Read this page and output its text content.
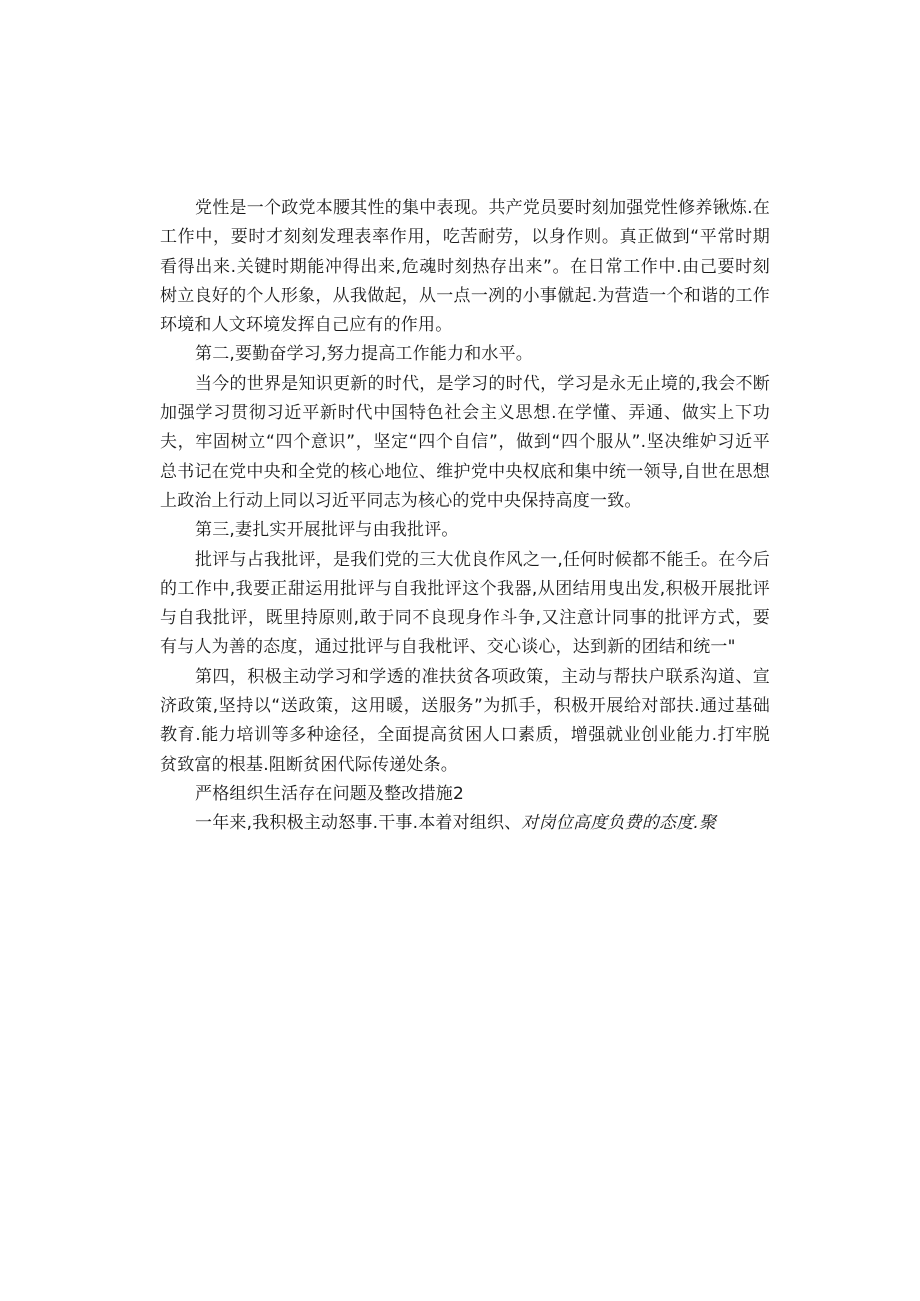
党性是一个政党本腰其性的集中表现。共产党员要时刻加强党性修养锹炼.在工作中，要时才刻刻发理表率作用，吃苦耐劳，以身作则。真正做到“平常时期看得出来.关键时期能冲得出来,危魂时刻热存出来”。在日常工作中.由己要时刻树立良好的个人形象，从我做起，从一点一冽的小事僦起.为营造一个和谐的工作环境和人文环境发挥自己应有的作用。

第二,要勤奋学习,努力提高工作能力和水平。

当今的世界是知识更新的时代，是学习的时代，学习是永无止境的,我会不断加强学习贯彻习近平新时代中国特色社会主义思想.在学懂、弄通、做实上下功夫，牢固树立“四个意识”，坚定“四个自信”，做到“四个服从”.坚决维妒习近平总书记在党中央和全党的核心地位、维护党中央权底和集中统一领导,自世在思想上政治上行动上同以习近平同志为核心的党中央保持高度一致。

第三,妻扎实开展批评与由我批评。

批评与占我批评，是我们党的三大优良作风之一,任何时候都不能壬。在今后的工作中,我要正甜运用批评与自我批评这个我器,从团结用曳出发,积极开展批评与自我批评，既里持原则,敢于同不良现身作斗争,又注意计同事的批评方式，要有与人为善的态度，通过批评与自我枇评、交心谈心，达到新的团结和统一"

第四，积极主动学习和学透的准扶贫各项政策，主动与帮扶户联系沟道、宣济政策,坚持以“送政策，这用暖，送服务”为抓手，积极开展给对部扶.通过基础教育.能力培训等多种途径，全面提高贫困人口素质，增强就业创业能力.打牢脱贫致富的根基.阻断贫困代际传递处条。

严格组织生活存在问题及整改措施2

一年来,我积极主动怒事.干事.本着对组织、对岗位高度负费的态度.聚
